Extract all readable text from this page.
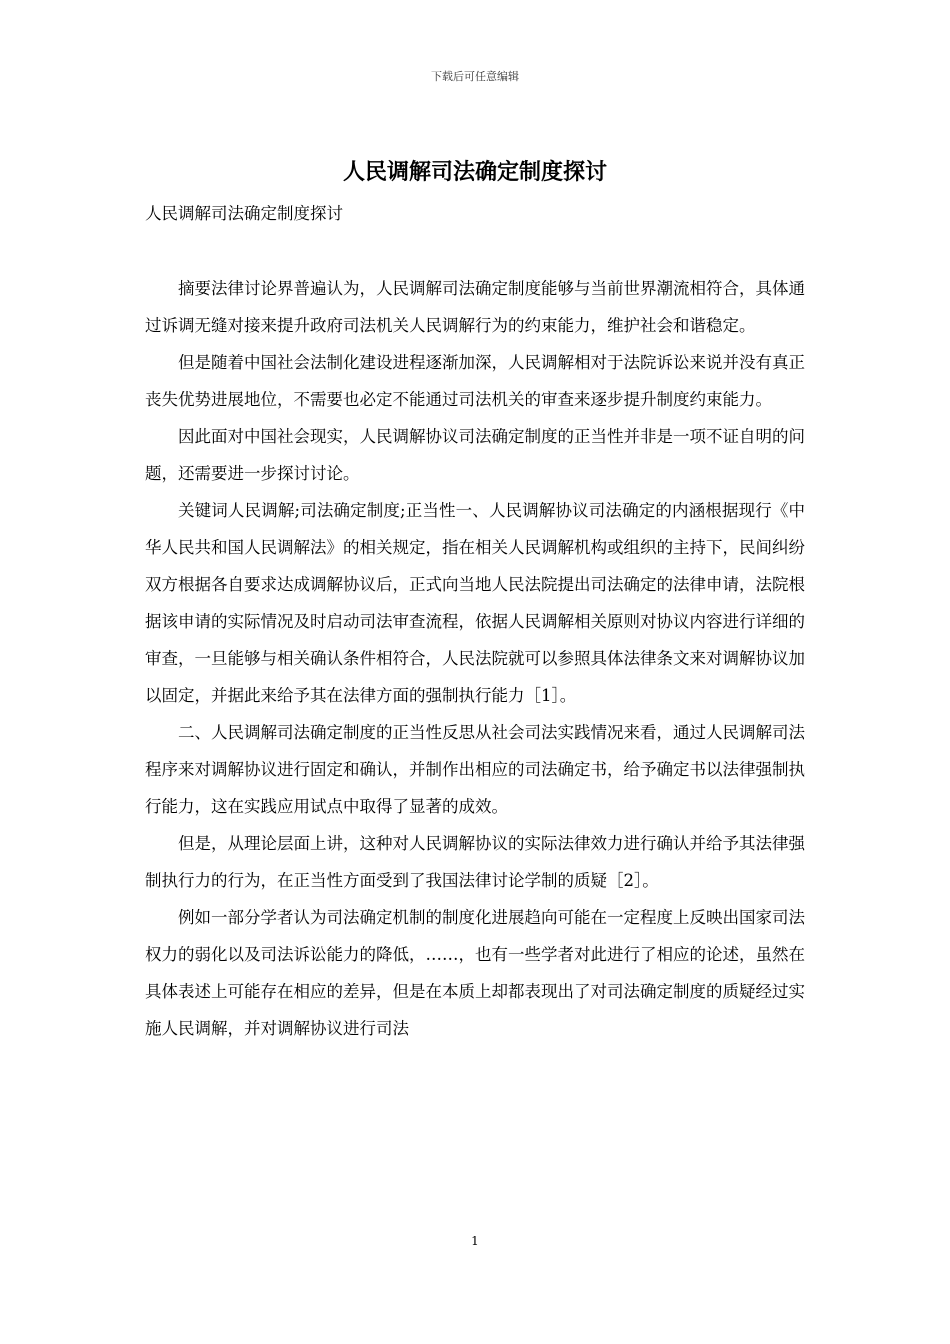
下载后可任意编辑
人民调解司法确定制度探讨

人民调解司法确定制度探讨

摘要法律讨论界普遍认为，人民调解司法确定制度能够与当前世界潮流相符合，具体通过诉调无缝对接来提升政府司法机关人民调解行为的约束能力，维护社会和谐稳定。

但是随着中国社会法制化建设进程逐渐加深，人民调解相对于法院诉讼来说并没有真正丧失优势进展地位，不需要也必定不能通过司法机关的审查来逐步提升制度约束能力。

因此面对中国社会现实，人民调解协议司法确定制度的正当性并非是一项不证自明的问题，还需要进一步探讨讨论。

关键词人民调解;司法确定制度;正当性一、人民调解协议司法确定的内涵根据现行《中华人民共和国人民调解法》的相关规定，指在相关人民调解机构或组织的主持下，民间纠纷双方根据各自要求达成调解协议后，正式向当地人民法院提出司法确定的法律申请，法院根据该申请的实际情况及时启动司法审查流程，依据人民调解相关原则对协议内容进行详细的审查，一旦能够与相关确认条件相符合，人民法院就可以参照具体法律条文来对调解协议加以固定，并据此来给予其在法律方面的强制执行能力［1］。

二、人民调解司法确定制度的正当性反思从社会司法实践情况来看，通过人民调解司法程序来对调解协议进行固定和确认，并制作出相应的司法确定书，给予确定书以法律强制执行能力，这在实践应用试点中取得了显著的成效。

但是，从理论层面上讲，这种对人民调解协议的实际法律效力进行确认并给予其法律强制执行力的行为，在正当性方面受到了我国法律讨论学制的质疑［2］。

例如一部分学者认为司法确定机制的制度化进展趋向可能在一定程度上反映出国家司法权力的弱化以及司法诉讼能力的降低，……，也有一些学者对此进行了相应的论述，虽然在具体表述上可能存在相应的差异，但是在本质上却都表现出了对司法确定制度的质疑经过实施人民调解，并对调解协议进行司法

1
